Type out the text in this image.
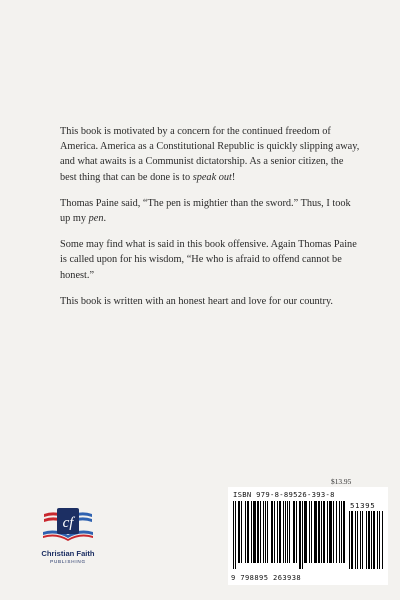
This book is motivated by a concern for the continued freedom of America. America as a Constitutional Republic is quickly slipping away, and what awaits is a Communist dictatorship. As a senior citizen, the best thing that can be done is to speak out!

Thomas Paine said, “The pen is mightier than the sword.” Thus, I took up my pen.

Some may find what is said in this book offensive. Again Thomas Paine is called upon for his wisdom, “He who is afraid to offend cannot be honest.”

This book is written with an honest heart and love for our country.

cf
Christian Faith
PUBLISHING
$13.95
ISBN 979-8-89526-393-8
51395
9 798895 263938
